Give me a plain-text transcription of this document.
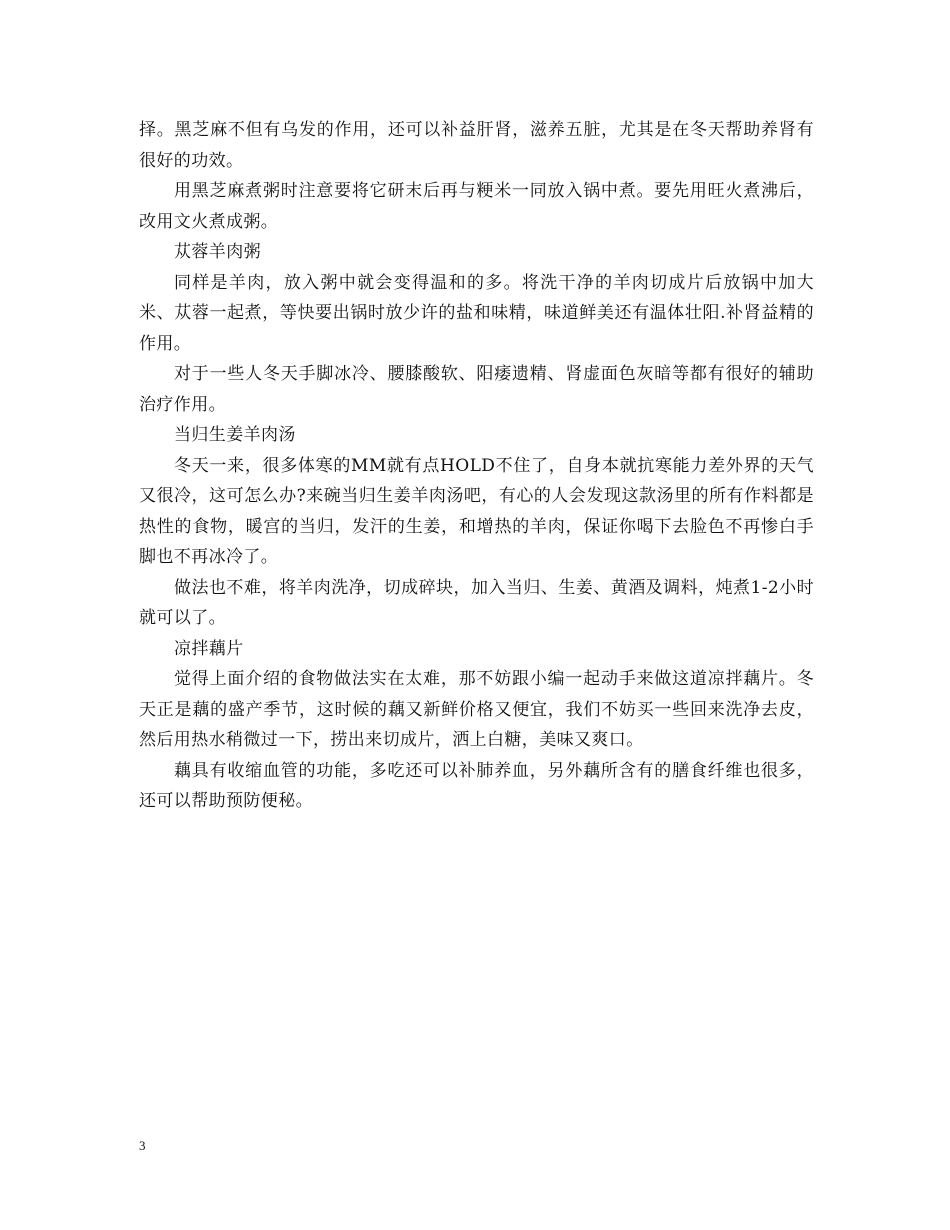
择。黑芝麻不但有乌发的作用，还可以补益肝肾，滋养五脏，尤其是在冬天帮助养肾有很好的功效。

用黑芝麻煮粥时注意要将它研末后再与粳米一同放入锅中煮。要先用旺火煮沸后，改用文火煮成粥。

苁蓉羊肉粥

同样是羊肉，放入粥中就会变得温和的多。将洗干净的羊肉切成片后放锅中加大米、苁蓉一起煮，等快要出锅时放少许的盐和味精，味道鲜美还有温体壮阳.补肾益精的作用。

对于一些人冬天手脚冰冷、腰膝酸软、阳痿遗精、肾虚面色灰暗等都有很好的辅助治疗作用。

当归生姜羊肉汤

冬天一来，很多体寒的MM就有点HOLD不住了，自身本就抗寒能力差外界的天气又很冷，这可怎么办?来碗当归生姜羊肉汤吧，有心的人会发现这款汤里的所有作料都是热性的食物，暖宫的当归，发汗的生姜，和增热的羊肉，保证你喝下去脸色不再惨白手脚也不再冰冷了。

做法也不难，将羊肉洗净，切成碎块，加入当归、生姜、黄酒及调料，炖煮1-2小时就可以了。

凉拌藕片

觉得上面介绍的食物做法实在太难，那不妨跟小编一起动手来做这道凉拌藕片。冬天正是藕的盛产季节，这时候的藕又新鲜价格又便宜，我们不妨买一些回来洗净去皮，然后用热水稍微过一下，捞出来切成片，洒上白糖，美味又爽口。

藕具有收缩血管的功能，多吃还可以补肺养血，另外藕所含有的膳食纤维也很多，还可以帮助预防便秘。

3
